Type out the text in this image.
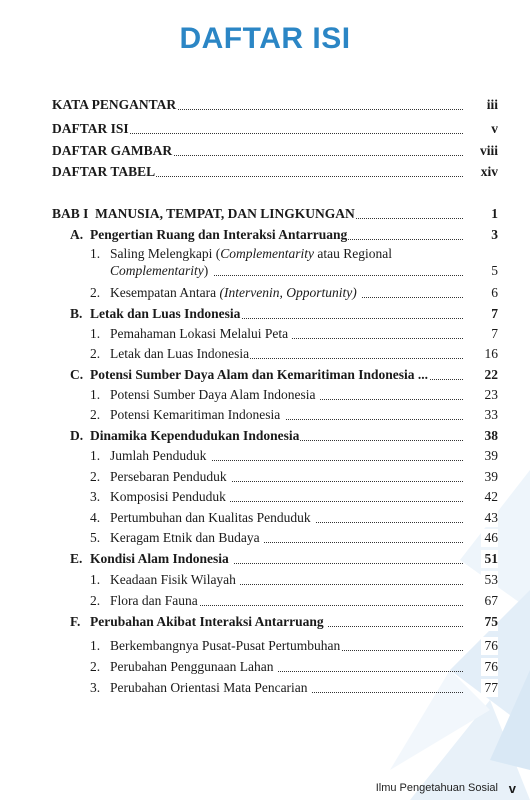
DAFTAR ISI
KATA PENGANTAR	iii
DAFTAR ISI	v
DAFTAR GAMBAR	viii
DAFTAR TABEL	xiv
BAB I MANUSIA, TEMPAT, DAN LINGKUNGAN	1
A. Pengertian Ruang dan Interaksi Antarruang	3
1. Saling Melengkapi (Complementarity atau Regional
Complementarity)	5
2. Kesempatan Antara (Intervenin, Opportunity)	6
B. Letak dan Luas Indonesia	7
1. Pemahaman Lokasi Melalui Peta	7
2. Letak dan Luas Indonesia	16
C. Potensi Sumber Daya Alam dan Kemaritiman Indonesia ...	22
1. Potensi Sumber Daya Alam Indonesia	23
2. Potensi Kemaritiman Indonesia	33
D. Dinamika Kependudukan Indonesia	38
1. Jumlah Penduduk	39
2. Persebaran Penduduk	39
3. Komposisi Penduduk	42
4. Pertumbuhan dan Kualitas Penduduk	43
5. Keragam Etnik dan Budaya	46
E. Kondisi Alam Indonesia	51
1. Keadaan Fisik Wilayah	53
2. Flora dan Fauna	67
F. Perubahan Akibat Interaksi Antarruang	75
1. Berkembangnya Pusat-Pusat Pertumbuhan	76
2. Perubahan Penggunaan Lahan	76
3. Perubahan Orientasi Mata Pencarian	77
Ilmu Pengetahuan Sosial v
